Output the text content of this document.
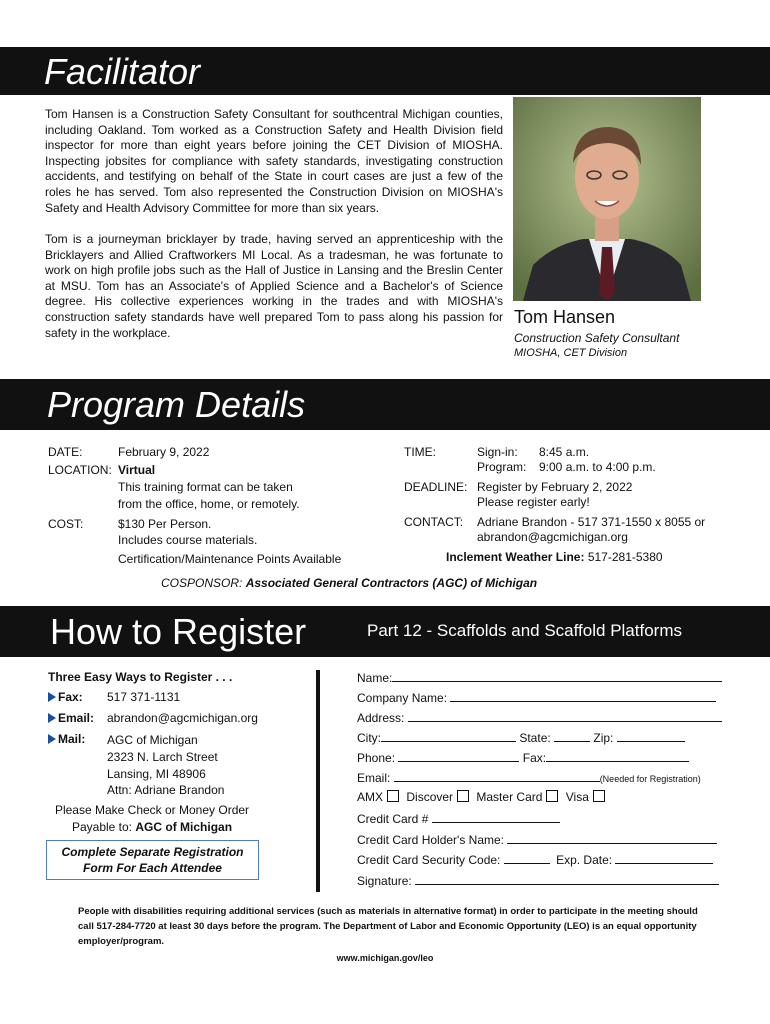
Facilitator
Tom Hansen is a Construction Safety Consultant for southcentral Michigan counties, including Oakland. Tom worked as a Construction Safety and Health Division field inspector for more than eight years before joining the CET Division of MIOSHA. Inspecting jobsites for compliance with safety standards, investigating construction accidents, and testifying on behalf of the State in court cases are just a few of the roles he has served. Tom also represented the Construction Division on MIOSHA's Safety and Health Advisory Committee for more than six years.
Tom is a journeyman bricklayer by trade, having served an apprenticeship with the Bricklayers and Allied Craftworkers MI Local. As a tradesman, he was fortunate to work on high profile jobs such as the Hall of Justice in Lansing and the Breslin Center at MSU. Tom has an Associate's of Applied Science and a Bachelor's of Science degree. His collective experiences working in the trades and with MIOSHA's construction safety standards have well prepared Tom to pass along his passion for safety in the workplace.
Tom Hansen
Construction Safety Consultant
MIOSHA, CET Division
Program Details
DATE:	February 9, 2022
LOCATION: Virtual
This training format can be taken
from the office, home, or remotely.
COST:	$130 Per Person.
Includes course materials.
Certification/Maintenance Points Available
TIME:	Sign-in: 8:45 a.m.
Program: 9:00 a.m. to 4:00 p.m.
DEADLINE: Register by February 2, 2022
Please register early!
CONTACT: Adriane Brandon - 517 371-1550 x 8055 or
abrandon@agcmichigan.org
Inclement Weather Line: 517-281-5380
COSPONSOR: Associated General Contractors (AGC) of Michigan
How to Register	Part 12 - Scaffolds and Scaffold Platforms
Three Easy Ways to Register . . .
Fax: 517 371-1131
Email: abrandon@agcmichigan.org
Mail: AGC of Michigan
2323 N. Larch Street
Lansing, MI 48906
Attn: Adriane Brandon
Please Make Check or Money Order
Payable to: AGC of Michigan
Complete Separate Registration
Form For Each Attendee
Name:
Company Name:
Address:
City:	State:	Zip:
Phone:	Fax:
Email:	(Needed for Registration)
AMX Discover Master Card Visa
Credit Card #
Credit Card Holder's Name:
Credit Card Security Code:	Exp. Date:
Signature:
People with disabilities requiring additional services (such as materials in alternative format) in order to participate in the meeting should call 517-284-7720 at least 30 days before the program. The Department of Labor and Economic Opportunity (LEO) is an equal opportunity employer/program.
www.michigan.gov/leo
